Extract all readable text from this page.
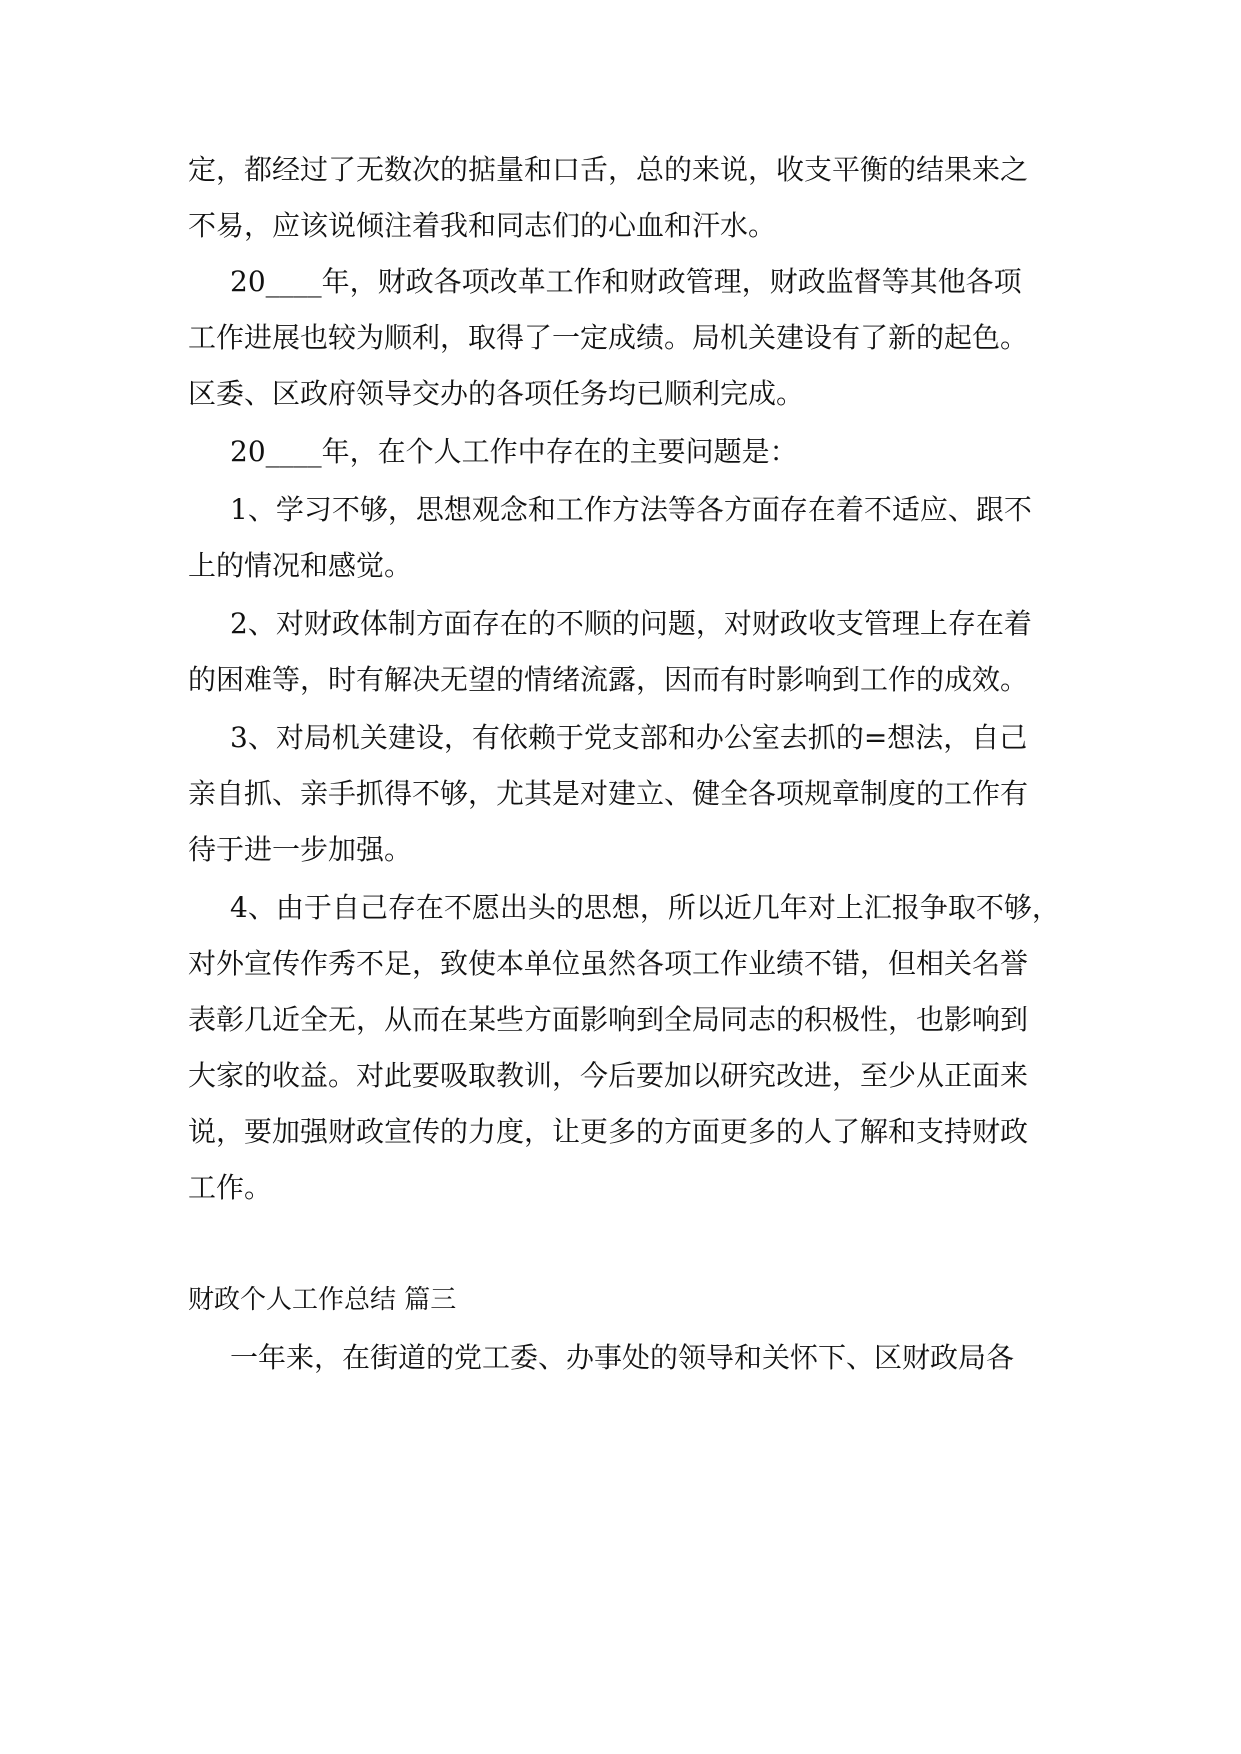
定，都经过了无数次的掂量和口舌，总的来说，收支平衡的结果来之
不易，应该说倾注着我和同志们的心血和汗水。
20____年，财政各项改革工作和财政管理，财政监督等其他各项
工作进展也较为顺利，取得了一定成绩。局机关建设有了新的起色。
区委、区政府领导交办的各项任务均已顺利完成。
20____年，在个人工作中存在的主要问题是：
1、学习不够，思想观念和工作方法等各方面存在着不适应、跟不
上的情况和感觉。
2、对财政体制方面存在的不顺的问题，对财政收支管理上存在着
的困难等，时有解决无望的情绪流露，因而有时影响到工作的成效。
3、对局机关建设，有依赖于党支部和办公室去抓的=想法，自己
亲自抓、亲手抓得不够，尤其是对建立、健全各项规章制度的工作有
待于进一步加强。
4、由于自己存在不愿出头的思想，所以近几年对上汇报争取不够，
对外宣传作秀不足，致使本单位虽然各项工作业绩不错，但相关名誉
表彰几近全无，从而在某些方面影响到全局同志的积极性，也影响到
大家的收益。对此要吸取教训，今后要加以研究改进，至少从正面来
说，要加强财政宣传的力度，让更多的方面更多的人了解和支持财政
工作。
财政个人工作总结 篇三
一年来，在街道的党工委、办事处的领导和关怀下、区财政局各
